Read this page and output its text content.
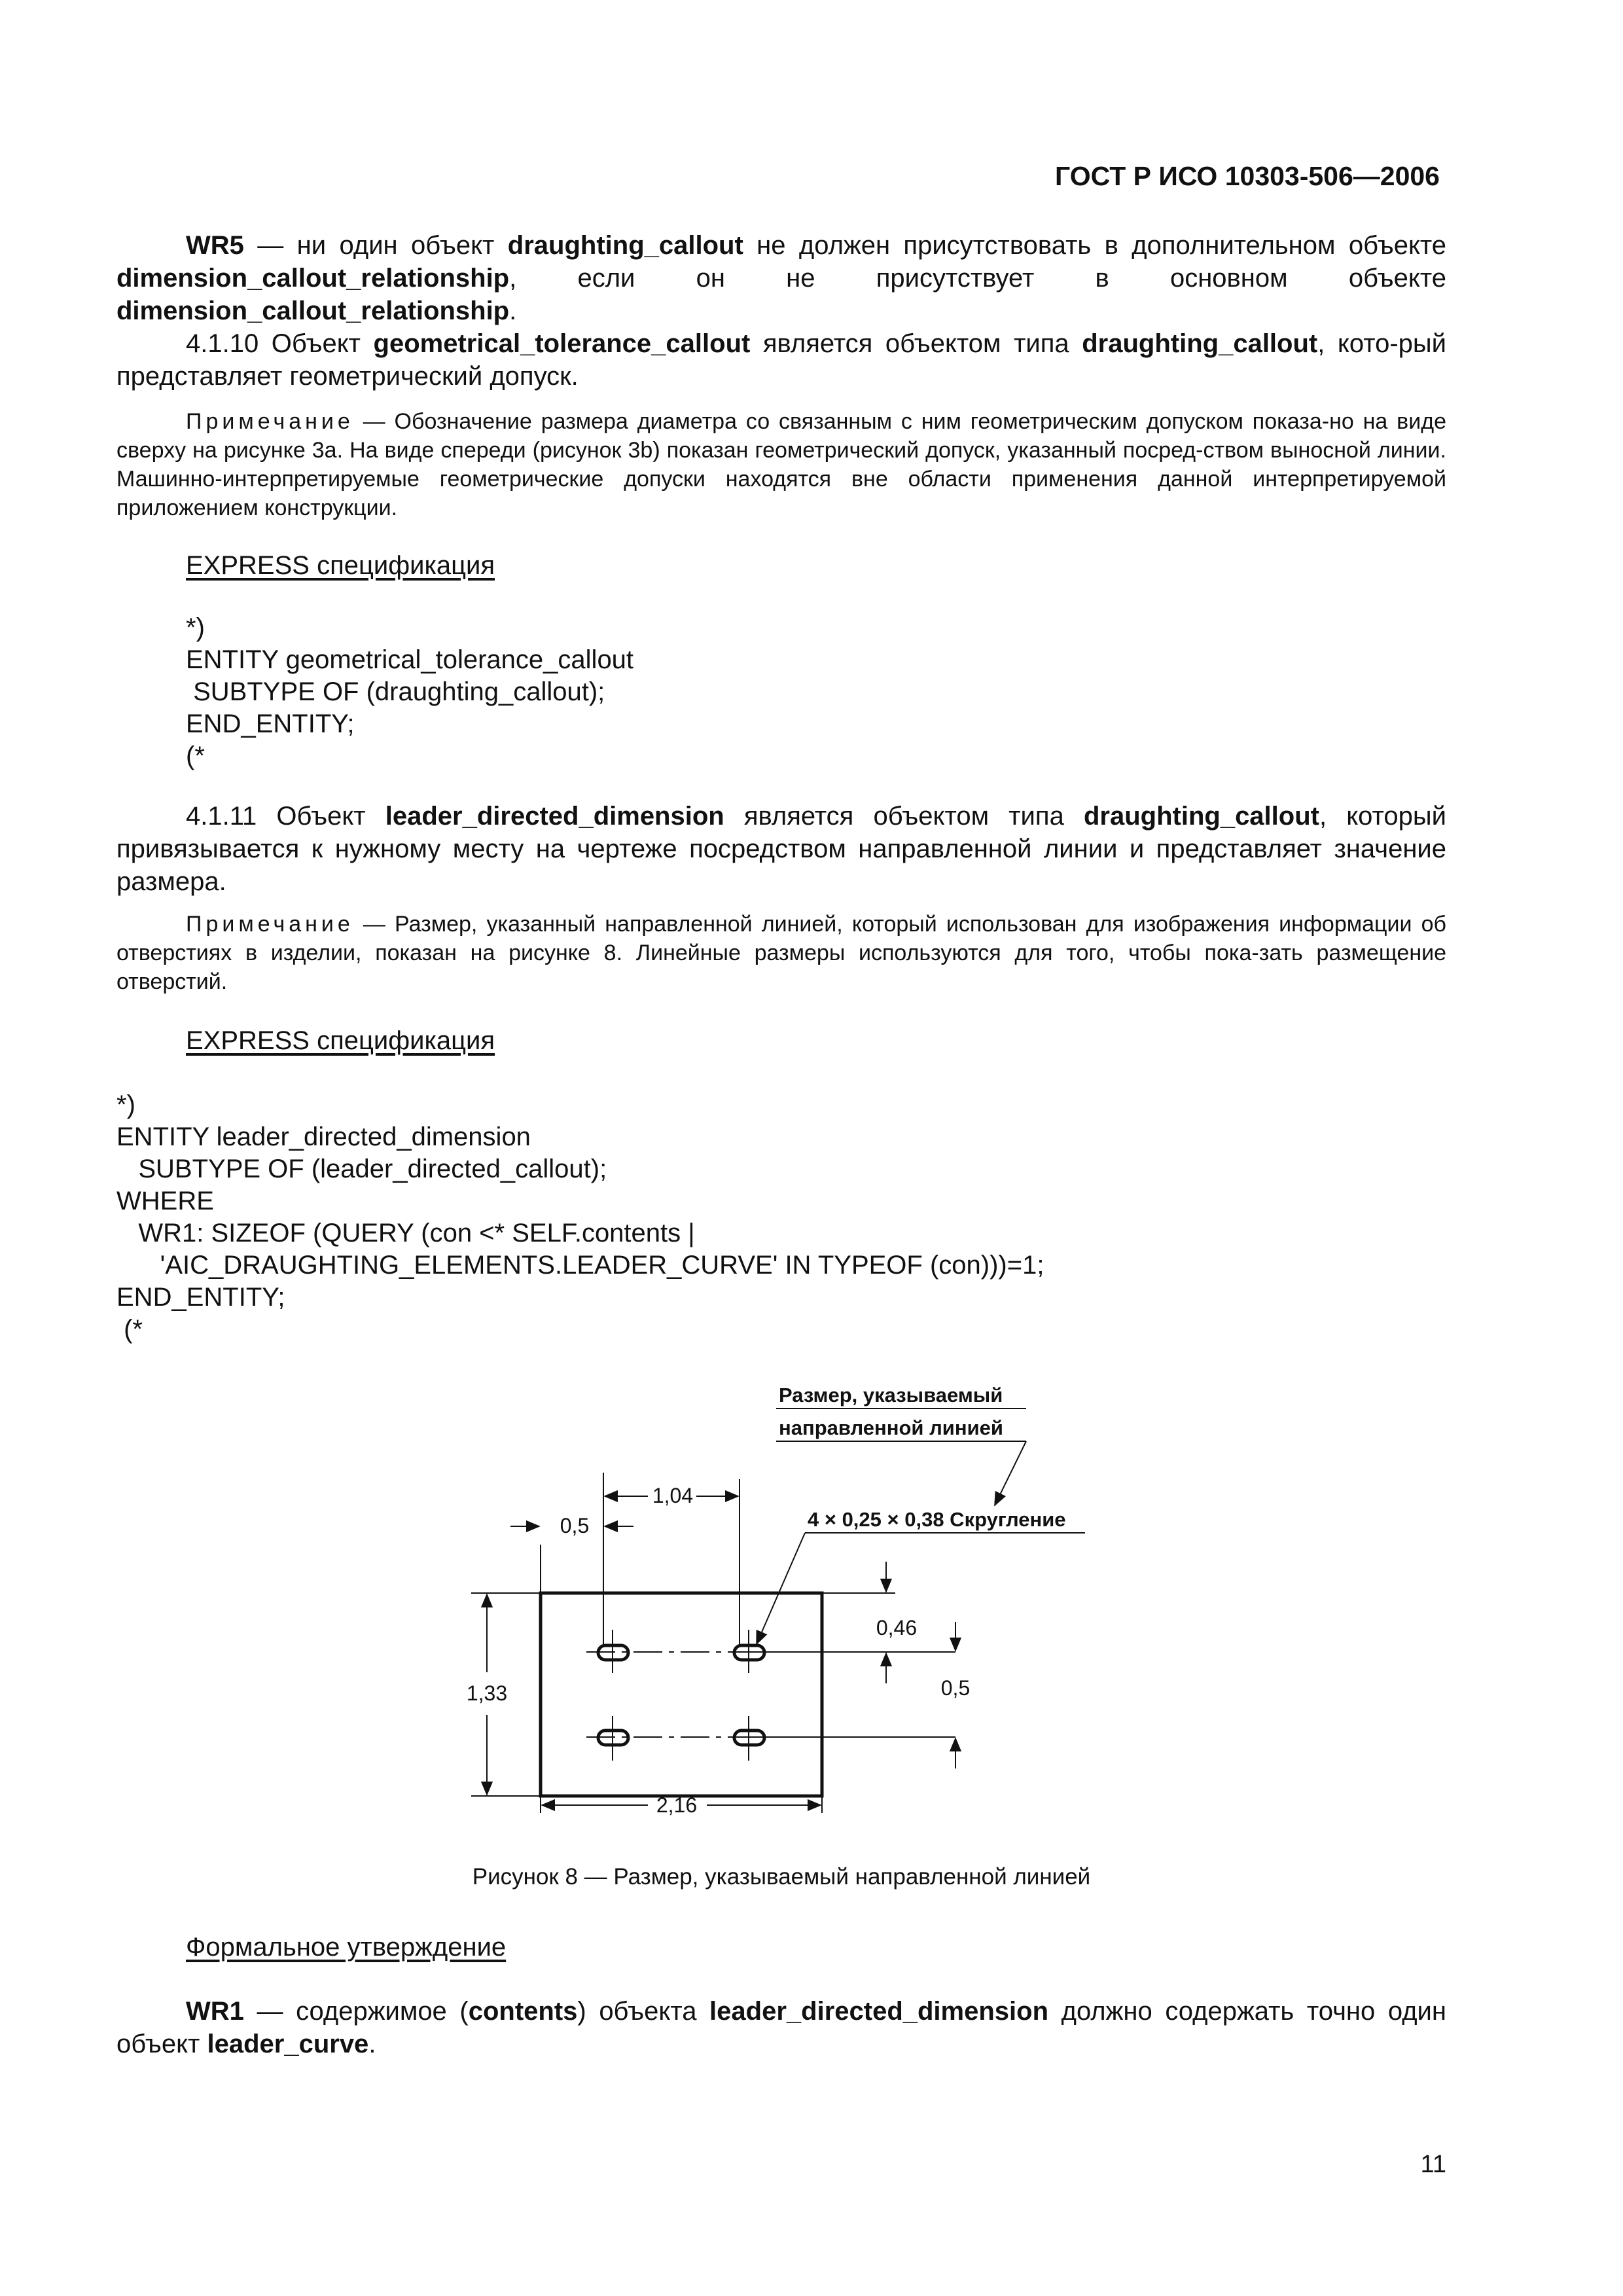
ГОСТ Р ИСО 10303-506—2006

WR5 — ни один объект draughting_callout не должен присутствовать в дополнительном объекте dimension_callout_relationship, если он не присутствует в основном объекте dimension_callout_relationship.

4.1.10 Объект geometrical_tolerance_callout является объектом типа draughting_callout, кото-рый представляет геометрический допуск.

Примечание — Обозначение размера диаметра со связанным с ним геометрическим допуском показа-но на виде сверху на рисунке 3а. На виде спереди (рисунок 3b) показан геометрический допуск, указанный посред-ством выносной линии. Машинно-интерпретируемые геометрические допуски находятся вне области применения данной интерпретируемой приложением конструкции.

EXPRESS спецификация
*)
ENTITY geometrical_tolerance_callout
SUBTYPE OF (draughting_callout);
END_ENTITY;
(*

4.1.11 Объект leader_directed_dimension является объектом типа draughting_callout, который привязывается к нужному месту на чертеже посредством направленной линии и представляет значение размера.

Примечание — Размер, указанный направленной линией, который использован для изображения информации об отверстиях в изделии, показан на рисунке 8. Линейные размеры используются для того, чтобы пока-зать размещение отверстий.

EXPRESS спецификация
*)
ENTITY leader_directed_dimension
SUBTYPE OF (leader_directed_callout);
WHERE
WR1: SIZEOF (QUERY (con <* SELF.contents |
'AIC_DRAUGHTING_ELEMENTS.LEADER_CURVE' IN TYPEOF (con)))=1;
END_ENTITY;
(*
Размер, указываемый
направленной линией
4 × 0,25 × 0,38 Скругление
1,04
0,5
1,33
0,46
0,5
2,16
Рисунок 8 — Размер, указываемый направленной линией
Формальное утверждение

WR1 — содержимое (contents) объекта leader_directed_dimension должно содержать точно один объект leader_curve.

11
